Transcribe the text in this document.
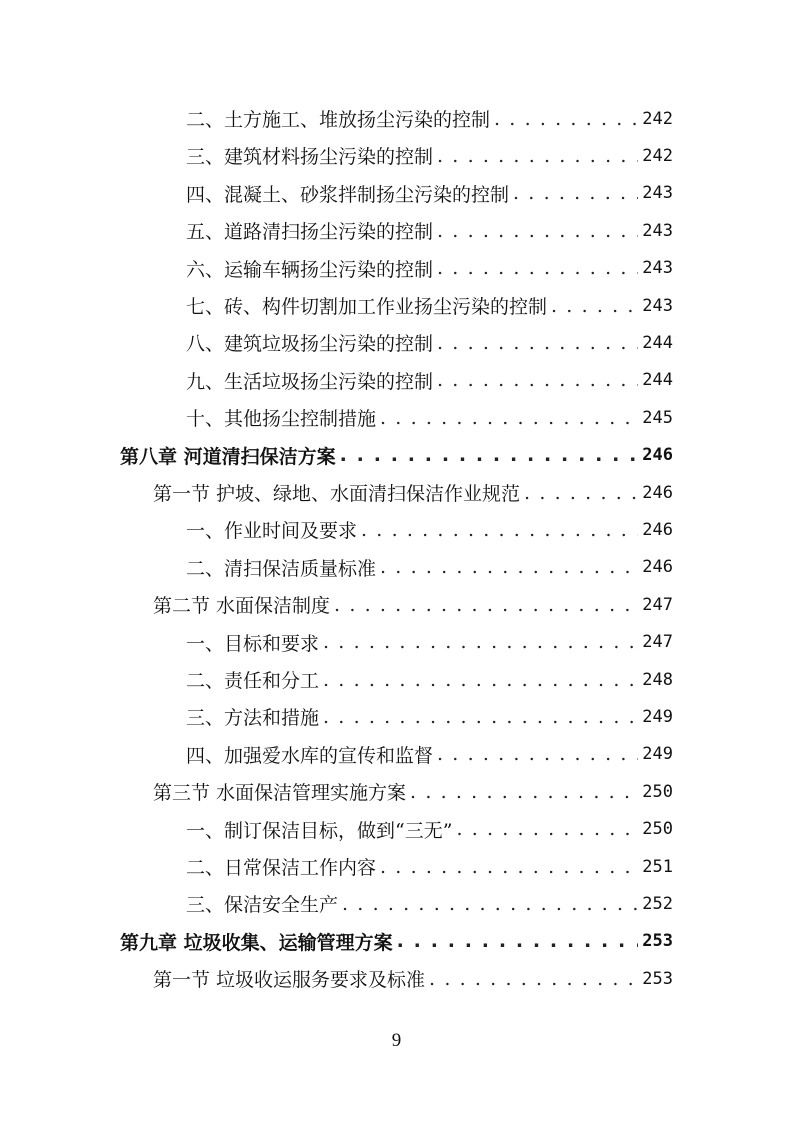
二、土方施工、堆放扬尘污染的控制 . . .	242
三、建筑材料扬尘污染的控制 . . .	242
四、混凝土、砂浆拌制扬尘污染的控制 . . .	243
五、道路清扫扬尘污染的控制 . . .	243
六、运输车辆扬尘污染的控制 . . .	243
七、砖、构件切割加工作业扬尘污染的控制 . . .	243
八、建筑垃圾扬尘污染的控制 . . .	244
九、生活垃圾扬尘污染的控制 . . .	244
十、其他扬尘控制措施 . . .	245
第八章 河道清扫保洁方案 . . .	246
第一节 护坡、绿地、水面清扫保洁作业规范 . . .	246
一、作业时间及要求 . . .	246
二、清扫保洁质量标准 . . .	246
第二节 水面保洁制度 . . .	247
一、目标和要求 . . .	247
二、责任和分工 . . .	248
三、方法和措施 . . .	249
四、加强爱水库的宣传和监督 . . .	249
第三节 水面保洁管理实施方案 . . .	250
一、制订保洁目标，做到“三无” . . .	250
二、日常保洁工作内容 . . .	251
三、保洁安全生产 . . .	252
第九章 垃圾收集、运输管理方案 . . .	253
第一节 垃圾收运服务要求及标准 . . .	253
9
